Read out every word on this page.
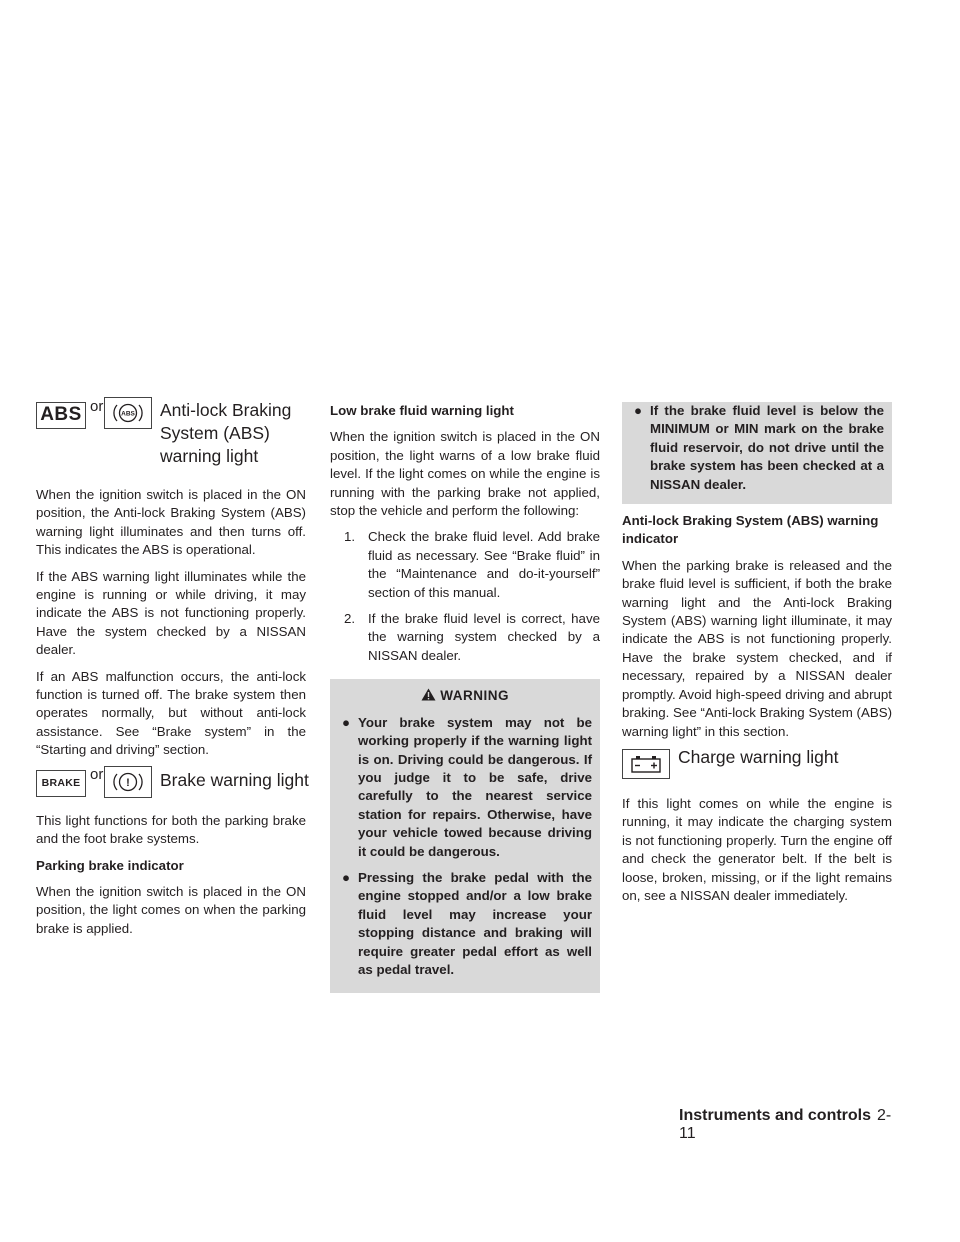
ABS or	ABS Anti-lock Braking
System (ABS)
warning light

When the ignition switch is placed in the ON position, the Anti-lock Braking System (ABS) warning light illuminates and then turns off. This indicates the ABS is operational.

If the ABS warning light illuminates while the engine is running or while driving, it may indicate the ABS is not functioning properly. Have the system checked by a NISSAN dealer.

If an ABS malfunction occurs, the anti-lock function is turned off. The brake system then operates normally, but without anti-lock assistance. See “Brake system” in the “Starting and driving” section.

BRAKE
or ! Brake warning light

This light functions for both the parking brake and the foot brake systems.

Parking brake indicator

When the ignition switch is placed in the ON position, the light comes on when the parking brake is applied.

Low brake fluid warning light

When the ignition switch is placed in the ON position, the light warns of a low brake fluid level. If the light comes on while the engine is running with the parking brake not applied, stop the vehicle and perform the following:

1. Check the brake fluid level. Add brake fluid as necessary. See “Brake fluid” in the “Maintenance and do-it-yourself” section of this manual.
2. If the brake fluid level is correct, have the warning system checked by a NISSAN dealer.
WARNING
● Your brake system may not be working properly if the warning light is on. Driving could be dangerous. If you judge it to be safe, drive carefully to the nearest service station for repairs. Otherwise, have your vehicle towed because driving it could be dangerous.
● Pressing the brake pedal with the engine stopped and/or a low brake fluid level may increase your stopping distance and braking will require greater pedal effort as well as pedal travel.
● If the brake fluid level is below the MINIMUM or MIN mark on the brake fluid reservoir, do not drive until the brake system has been checked at a NISSAN dealer.
Anti-lock Braking System (ABS) warning indicator

When the parking brake is released and the brake fluid level is sufficient, if both the brake warning light and the Anti-lock Braking System (ABS) warning light illuminate, it may indicate the ABS is not functioning properly. Have the brake system checked, and if necessary, repaired by a NISSAN dealer promptly. Avoid high-speed driving and abrupt braking. See “Anti-lock Braking System (ABS) warning light” in this section.

Charge warning light

If this light comes on while the engine is running, it may indicate the charging system is not functioning properly. Turn the engine off and check the generator belt. If the belt is loose, broken, missing, or if the light remains on, see a NISSAN dealer immediately.

Instruments and controls 2-11
